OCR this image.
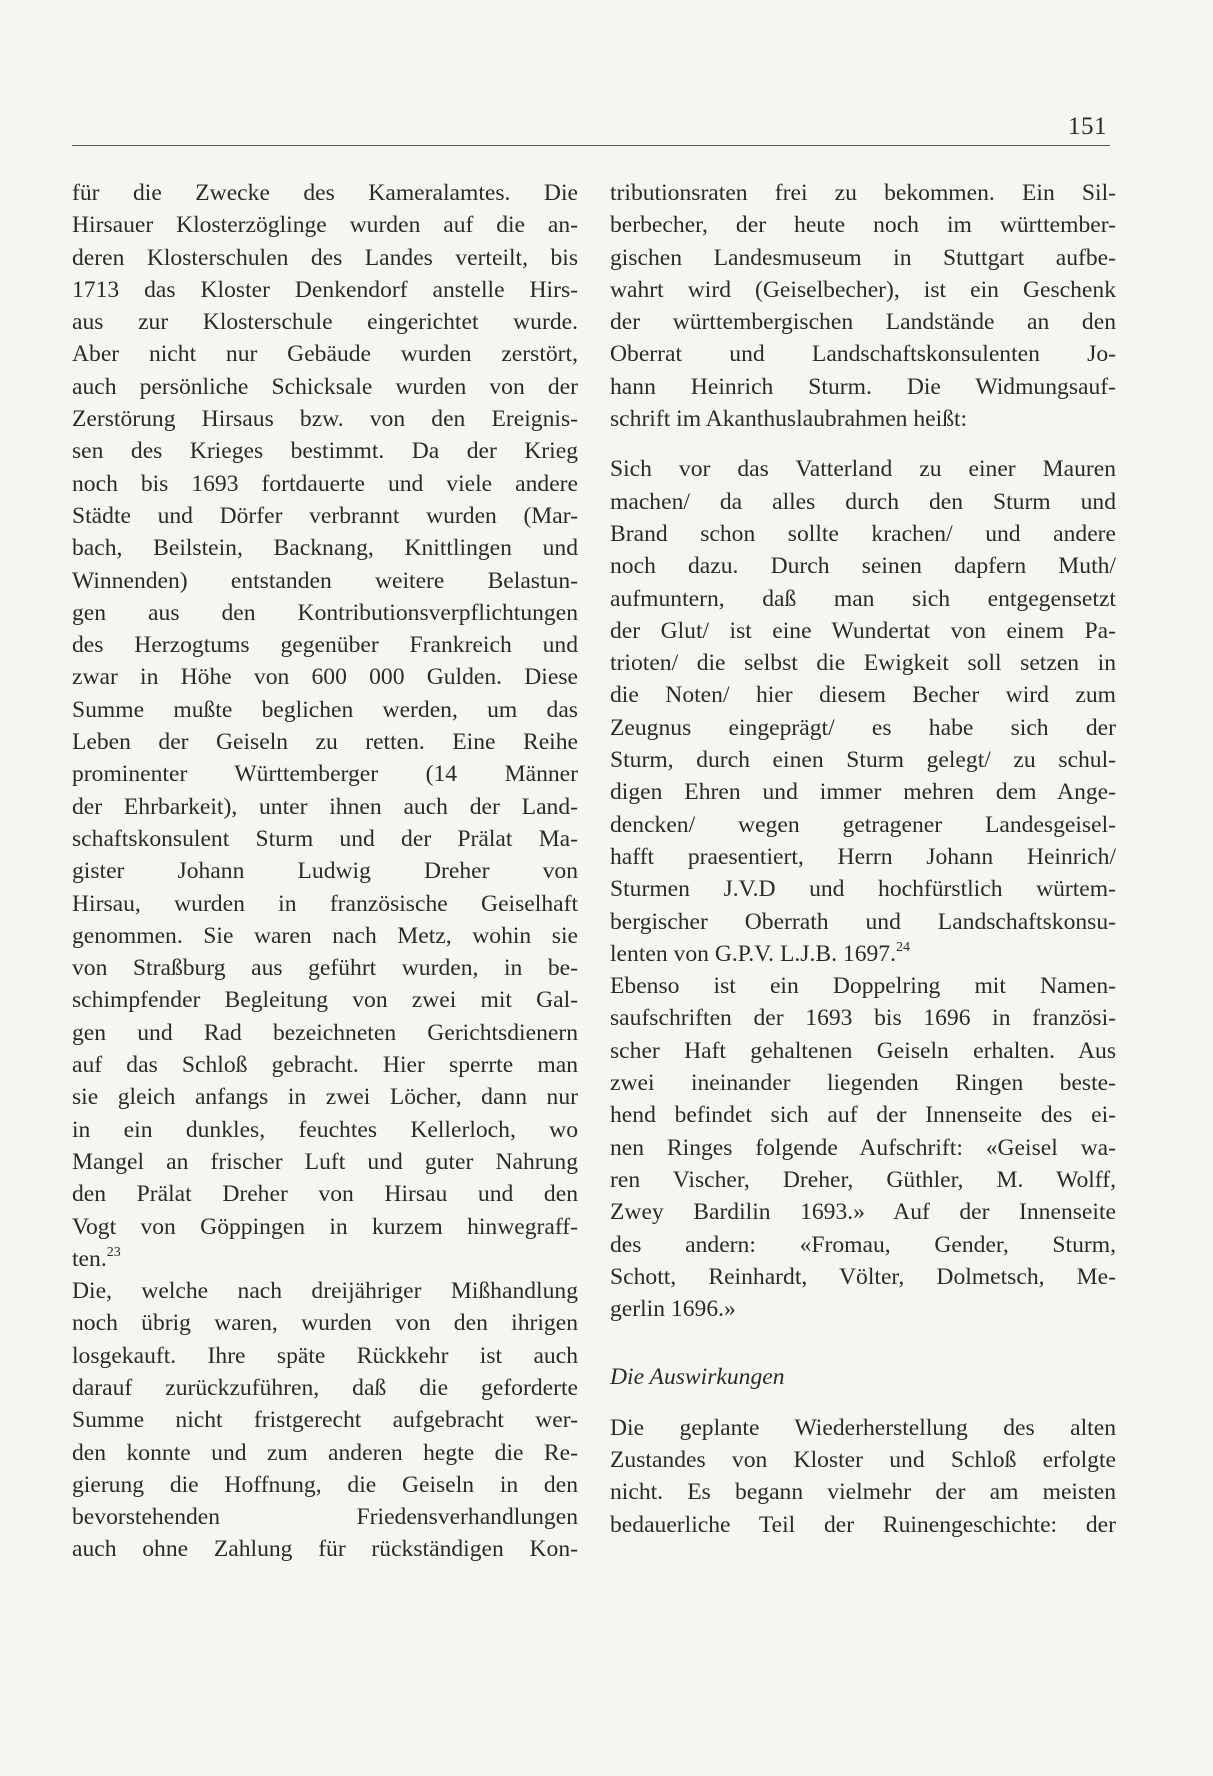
151
für die Zwecke des Kameralamtes. Die
Hirsauer Klosterzöglinge wurden auf die an-
deren Klosterschulen des Landes verteilt, bis
1713 das Kloster Denkendorf anstelle Hirs-
aus zur Klosterschule eingerichtet wurde.
Aber nicht nur Gebäude wurden zerstört,
auch persönliche Schicksale wurden von der
Zerstörung Hirsaus bzw. von den Ereignis-
sen des Krieges bestimmt. Da der Krieg
noch bis 1693 fortdauerte und viele andere
Städte und Dörfer verbrannt wurden (Mar-
bach, Beilstein, Backnang, Knittlingen und
Winnenden) entstanden weitere Belastun-
gen aus den Kontributionsverpflichtungen
des Herzogtums gegenüber Frankreich und
zwar in Höhe von 600 000 Gulden. Diese
Summe mußte beglichen werden, um das
Leben der Geiseln zu retten. Eine Reihe
prominenter Württemberger (14 Männer
der Ehrbarkeit), unter ihnen auch der Land-
schaftskonsulent Sturm und der Prälat Ma-
gister Johann Ludwig Dreher von
Hirsau, wurden in französische Geiselhaft
genommen. Sie waren nach Metz, wohin sie
von Straßburg aus geführt wurden, in be-
schimpfender Begleitung von zwei mit Gal-
gen und Rad bezeichneten Gerichtsdienern
auf das Schloß gebracht. Hier sperrte man
sie gleich anfangs in zwei Löcher, dann nur
in ein dunkles, feuchtes Kellerloch, wo
Mangel an frischer Luft und guter Nahrung
den Prälat Dreher von Hirsau und den
Vogt von Göppingen in kurzem hinwegraff-
ten.$^{23}$
Die, welche nach dreijähriger Mißhandlung
noch übrig waren, wurden von den ihrigen
losgekauft. Ihre späte Rückkehr ist auch
darauf zurückzuführen, daß die geforderte
Summe nicht fristgerecht aufgebracht wer-
den konnte und zum anderen hegte die Re-
gierung die Hoffnung, die Geiseln in den
bevorstehenden Friedensverhandlungen
auch ohne Zahlung für rückständigen Kon-
tributionsraten frei zu bekommen. Ein Sil-
berbecher, der heute noch im württember-
gischen Landesmuseum in Stuttgart aufbe-
wahrt wird (Geiselbecher), ist ein Geschenk
der württembergischen Landstände an den
Oberrat und Landschaftskonsulenten Jo-
hann Heinrich Sturm. Die Widmungsauf-
schrift im Akanthuslaubrahmen heißt:
Sich vor das Vatterland zu einer Mauren
machen/ da alles durch den Sturm und
Brand schon sollte krachen/ und andere
noch dazu. Durch seinen dapfern Muth/
aufmuntern, daß man sich entgegensetzt
der Glut/ ist eine Wundertat von einem Pa-
trioten/ die selbst die Ewigkeit soll setzen in
die Noten/ hier diesem Becher wird zum
Zeugnus eingeprägt/ es habe sich der
Sturm, durch einen Sturm gelegt/ zu schul-
digen Ehren und immer mehren dem Ange-
dencken/ wegen getragener Landesgeisel-
hafft praesentiert, Herrn Johann Heinrich/
Sturmen J.V.D und hochfürstlich würtem-
bergischer Oberrath und Landschaftskonsu-
lenten von G.P.V. L.J.B. 1697.24
Ebenso ist ein Doppelring mit Namen-
saufschriften der 1693 bis 1696 in französi-
scher Haft gehaltenen Geiseln erhalten. Aus
zwei ineinander liegenden Ringen beste-
hend befindet sich auf der Innenseite des ei-
nen Ringes folgende Aufschrift: «Geisel wa-
ren Vischer, Dreher, Güthler, M. Wolff,
Zwey Bardilin 1693.» Auf der Innenseite
des andern: «Fromau, Gender, Sturm,
Schott, Reinhardt, Völter, Dolmetsch, Me-
gerlin 1696.»
Die Auswirkungen
Die geplante Wiederherstellung des alten
Zustandes von Kloster und Schloß erfolgte
nicht. Es begann vielmehr der am meisten
bedauerliche Teil der Ruinengeschichte: der
